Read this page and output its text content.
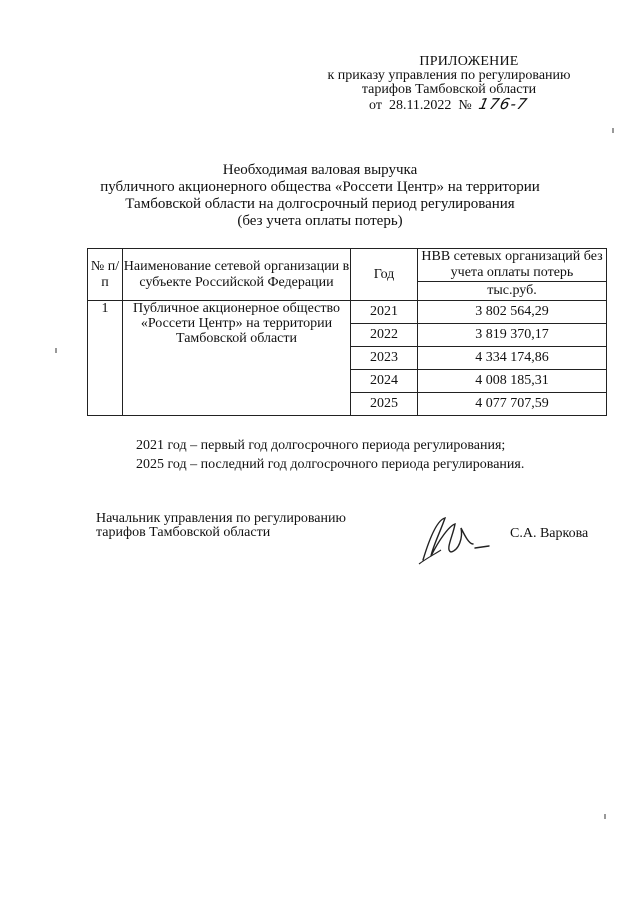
ПРИЛОЖЕНИЕ
к приказу управления по регулированию
тарифов Тамбовской области

от 28.11.2022 № 176-7
Необходимая валовая выручка
публичного акционерного общества «Россети Центр» на территории
Тамбовской области на долгосрочный период регулирования
(без учета оплаты потерь)
№ п/п	Наименование сетевой организации в субъекте Российской Федерации	Год	НВВ сетевых организаций без учета оплаты потерь
			тыс.руб.
1	Публичное акционерное общество «Россети Центр» на территории Тамбовской области	2021	3 802 564,29
		2022	3 819 370,17
		2023	4 334 174,86
		2024	4 008 185,31
		2025	4 077 707,59
2021 год – первый год долгосрочного периода регулирования;
2025 год – последний год долгосрочного периода регулирования.
Начальник управления по регулированию
тарифов Тамбовской области	С.А. Варкова
